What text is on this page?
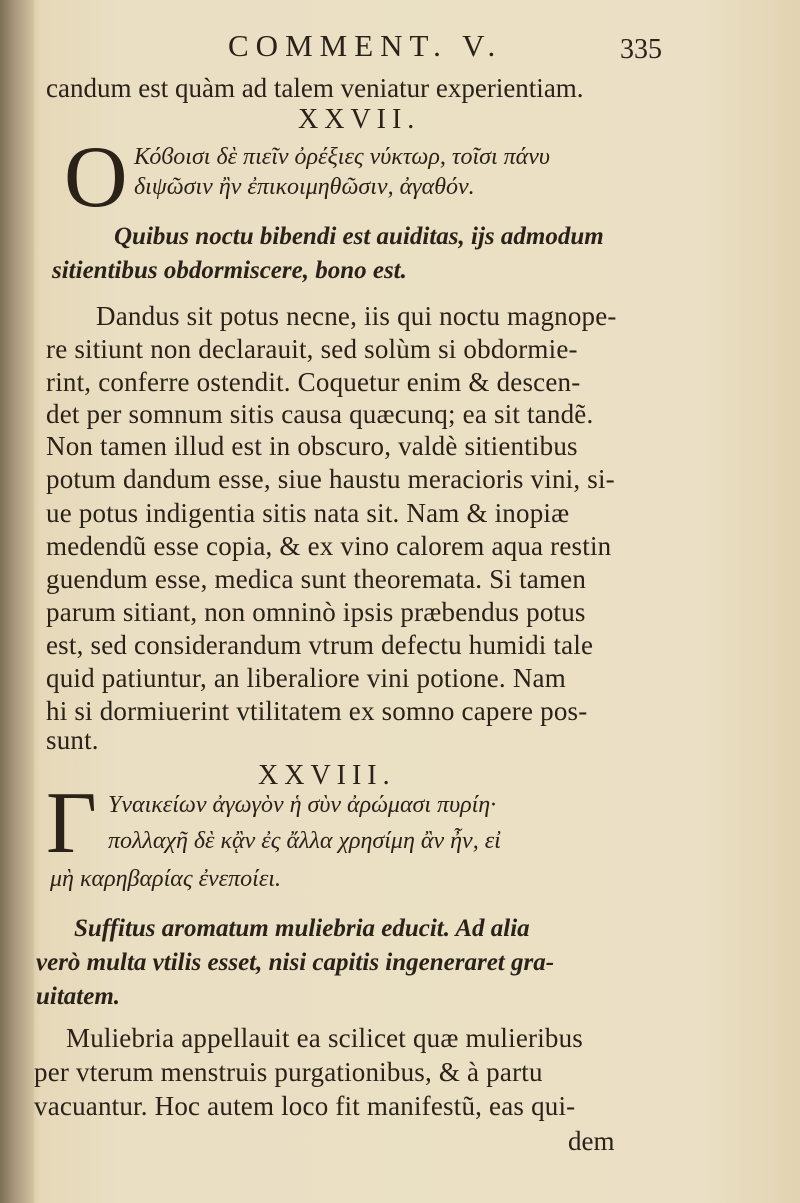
COMMENT. V.	335
candum est quàm ad talem veniatur experientiam.
XXVII.
O Κόϐοισι δὲ πιεῖν ὀρέξιες νύκτωρ, τοῖσι πάνυ
διψῶσιν ἢν ἐπικοιμηθῶσιν, ἀγαθόν.
Quibus noctu bibendi est auiditas, ijs admodum
sitientibus obdormiscere, bono est.
Dandus sit potus necne, iis qui noctu magnope-
re sitiunt non declarauit, sed solùm si obdormie-
rint, conferre ostendit. Coquetur enim & descen-
det per somnum sitis causa quæcunq; ea sit tandẽ.
Non tamen illud est in obscuro, valdè sitientibus
potum dandum esse, siue haustu meracioris vini, si-
ue potus indigentia sitis nata sit. Nam & inopiæ
medendũ esse copia, & ex vino calorem aqua restin
guendum esse, medica sunt theoremata. Si tamen
parum sitiant, non omninò ipsis præbendus potus
est, sed considerandum vtrum defectu humidi tale
quid patiuntur, an liberaliore vini potione. Nam
hi si dormiuerint vtilitatem ex somno capere pos-
sunt.
XXVIII.
Γ Υναικείων ἀγωγὸν ἡ σὺν ἀρώμασι πυρίη·
πολλαχῆ δὲ κᾂν ἐς ἄλλα χρησίμη ἂν ἦν, εἰ
μὴ καρηβαρίας ἐνεποίει.
Suffitus aromatum muliebria educit. Ad alia
verò multa vtilis esset, nisi capitis ingeneraret gra-
uitatem.
Muliebria appellauit ea scilicet quæ mulieribus
per vterum menstruis purgationibus, & à partu
vacuantur. Hoc autem loco fit manifestũ, eas qui-
dem
